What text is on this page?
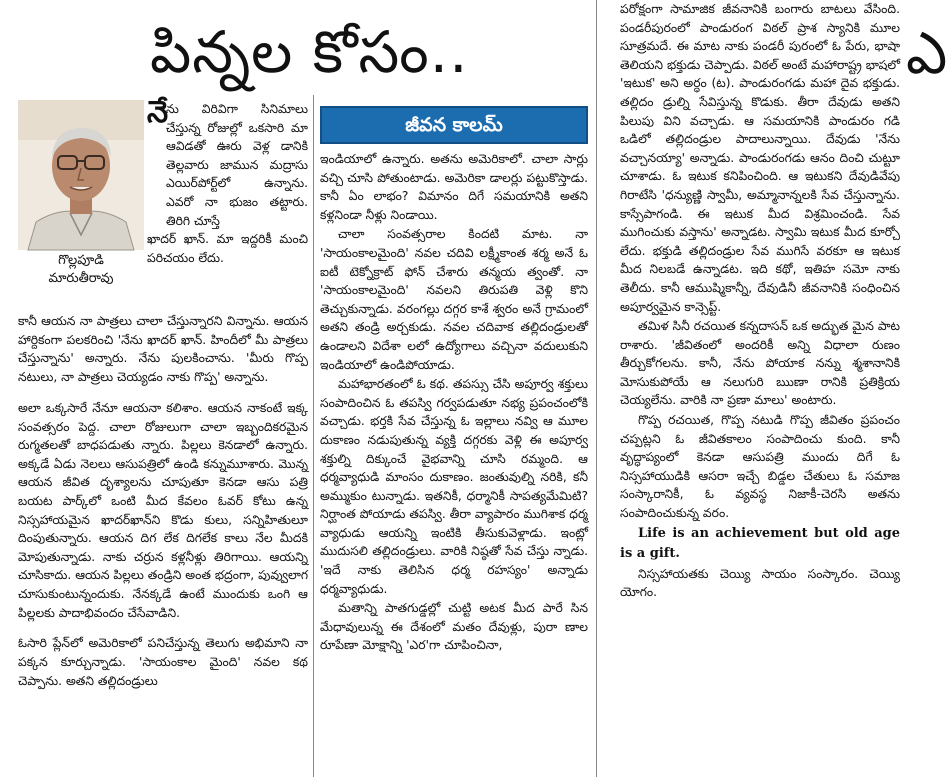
పిన్నల కోసం..	ఎ
గొల్లపూడి
మారుతీరావు
నే
ను విరివిగా సినిమాలు చేస్తున్న రోజుల్లో ఒకసారి మా ఆవిడతో ఊరు వెళ్ల డానికి తెల్లవారు జామున మద్రాసు ఎయిర్‌పోర్ట్‌లో ఉన్నాను. ఎవరో నా భుజం తట్టారు. తిరిగి చూస్తే
ఖాదర్ ఖాన్. మా ఇద్దరికీ మంచి పరిచయం లేదు.

కానీ ఆయన నా పాత్రలు చాలా చేస్తున్నారని విన్నాను. ఆయన హార్దికంగా పలకరించి 'నేను ఖాదర్ ఖాన్. హిందీలో మీ పాత్రలు చేస్తున్నాను' అన్నారు. నేను పులకించాను. 'మీరు గొప్ప నటులు, నా పాత్రలు చెయ్యడం నాకు గొప్ప' అన్నాను.

అలా ఒక్కసారే నేనూ ఆయనా కలిశాం. ఆయన నాకంటే ఇక్క సంవత్సరం పెద్ద. చాలా రోజులుగా చాలా ఇబ్బందికరమైన రుగ్మతలతో బాధపడుతు న్నారు. పిల్లలు కెనడాలో ఉన్నారు. అక్కడే ఏడు నెలలు ఆసుపత్రిలో ఉండి కన్నుమూశారు. మొన్న ఆయన జీవిత దృశ్యాలను చూపుతూ కెనడా ఆసు పత్రి బయట పార్క్‌లో ఒంటి మీద కేవలం ఓవర్ కోటు ఉన్న నిస్సహాయమైన ఖాదర్‌ఖాన్‌ని కొడు కులు, సన్నిహితులూ దింపుతున్నారు. ఆయన దిగ లేక దిగలేక కాలు నేల మీదకి మోపుతున్నాడు. నాకు చర్రున కళ్లనీళ్లు తిరిగాయి. ఆయన్ని చూసికాదు. ఆయన పిల్లలు తండ్రిని అంత భద్రంగా, పువ్వులాగ చూసుకుంటున్నందుకు. నేనక్కడే ఉంటే ముందుకు ఒంగి ఆ పిల్లలకు పాదాభివందం చేసేవాడిని.

ఓసారి ప్లేన్‌లో అమెరికాలో పనిచేస్తున్న తెలుగు అభిమాని నా పక్కన కూర్చున్నాడు. 'సాయంకాల మైంది' నవల కథ చెప్పాను. అతని తల్లిదండ్రులు

జీవన కాలమ్

ఇండియాలో ఉన్నారు. అతను అమెరికాలో. చాలా సార్లు వచ్చి చూసి పోతుంటాడు. అమెరికా డాలర్లు పట్టుకొస్తాడు. కానీ ఏం లాభం? విమానం దిగే సమయానికి అతని కళ్లనిండా నీళ్లు నిండాయి.

చాలా సంవత్సరాల కిందటి మాట. నా 'సాయంకాలమైంది' నవల చదివి లక్ష్మీకాంత శర్మ అనే ఓ ఐటీ టెక్నోక్రాట్ ఫోన్ చేశారు తన్మయ త్వంతో. నా 'సాయంకాలమైంది' నవలని తిరుపతి వెళ్లి కొని తెచ్చుకున్నాడు. వరంగల్లు దగ్గర కాశే శ్వరం అనే గ్రామంలో అతని తండ్రి అర్చకుడు. నవల చదివాక తల్లిదండ్రులతో ఉండాలని విదేశా లలో ఉద్యోగాలు వచ్చినా వదులుకుని ఇండియాలో ఉండిపోయాడు.

మహాభారతంలో ఓ కథ. తపస్సు చేసి అపూర్వ శక్తులు సంపాదించిన ఓ తపస్వి గర్వపడుతూ నభ్య ప్రపంచంలోకి వచ్చాడు. భర్తకి సేవ చేస్తున్న ఓ ఇల్లాలు నవ్వి ఆ మూల దుకాణం నడుపుతున్న వ్యక్తి దగ్గరకు వెళ్లి ఈ అపూర్వ శక్తుల్ని దిక్కుంచే వైభవాన్ని చూసి రమ్మంది. ఆ ధర్మవ్యాధుడి మాంసం దుకాణం. జంతువుల్ని నరికి, కనీ అమ్ముకుం టున్నాడు. ఇతనికీ, ధర్మానికీ సాపత్యమేమిటి? నిర్ఘాంత పోయాడు తపస్వి. తీరా వ్యాపారం ముగిశాక ధర్మ వ్యాధుడు ఆయన్ని ఇంటికి తీసుకువెళ్లాడు. ఇంట్లో ముదుసలి తల్లిదండ్రులు. వారికి నిష్ఠతో సేవ చేస్తు న్నాడు. 'ఇదే నాకు తెలిసిన ధర్మ రహస్యం' అన్నాడు ధర్మవ్యాధుడు.

మతాన్ని పాతగుడ్డల్లో చుట్టి అటక మీద పారే సిన మేధావులున్న ఈ దేశంలో మతం దేవుళ్లు, పురా ణాల రూపేణా మోక్షాన్ని 'ఎర'గా చూపించినా,

పరోక్షంగా సామాజిక జీవనానికి బంగారు బాటలు వేసింది. పండరీపురంలో పాండురంగ విఠల్ ప్రాశ స్యానికి మూల సూత్రమదే. ఈ మాట నాకు పండరీ పురంలో ఓ పేరు, భాషా తెలియని భక్తుడు చెప్పాడు. విఠల్ అంటే మహారాష్ట్ర భాషలో 'ఇటుక' అని అర్ధం (ట). పాండురంగడు మహా దైవ భక్తుడు. తల్లిదం డ్రుల్ని సేవిస్తున్న కొడుకు. తీరా దేవుడు అతని పిలుపు విని వచ్చాడు. ఆ సమయానికి పాండురం గడి ఒడిలో తల్లిదండ్రుల పాదాలున్నాయి. దేవుడు 'నేను వచ్చానయ్యా' అన్నాడు. పాండురంగడు ఆనం దించి చుట్టూ చూశాడు. ఓ ఇటుక కనిపించింది. ఆ ఇటుకని దేవుడివేపు గిరాటేసి 'ధన్యుణ్ణి స్వామీ, అమ్మానాన్నలకి సేవ చేస్తున్నాను. కాస్సేపాగండి. ఈ ఇటుక మీద విశ్రమించండి. సేవ ముగించుకు వస్తాను' అన్నాడట. స్వామి ఇటుక మీద కూర్చో లేదు. భక్తుడి తల్లిదండ్రుల సేవ ముగిసే వరకూ ఆ ఇటుక మీద నిలబడే ఉన్నాడట. ఇది కథో, ఇతిహ సమో నాకు తెలీదు. కానీ ఆముష్మికాన్నీ, దేవుడినీ జీవనానికి సంధించిన అపూర్వమైన కాన్సెప్ట్.

తమిళ సినీ రచయిత కన్నదాసన్ ఒక అద్భుత మైన పాట రాశారు. 'జీవితంలో అందరికీ అన్ని విధాలా రుణం తీర్చుకోగలను. కానీ, నేను పోయాక నన్ను శ్మశానానికి మోసుకుపోయే ఆ నలుగురి ఋణా రానికి ప్రతిక్రియ చెయ్యలేను. వారికి నా ప్రణా మాలు' అంటారు.

గొప్ప రచయిత, గొప్ప నటుడి గొప్ప జీవితం ప్రపంచం చప్పట్లని ఓ జీవితకాలం సంపాదించు కుంది. కానీ వృద్ధాప్యంలో కెనడా ఆసుపత్రి ముందు దిగే ఓ నిస్సహాయుడికి ఆసరా ఇచ్చే బిడ్డల చేతులు ఓ సమాజ సంస్కారానికీ, ఓ వ్యవస్థ నిజాకీ-చెరసి అతను సంపాదించుకున్న వరం.

Life is an achievement but old age is a gift.

నిస్సహాయతకు చెయ్యి సాయం సంస్కారం. చెయ్యి యోగం.
